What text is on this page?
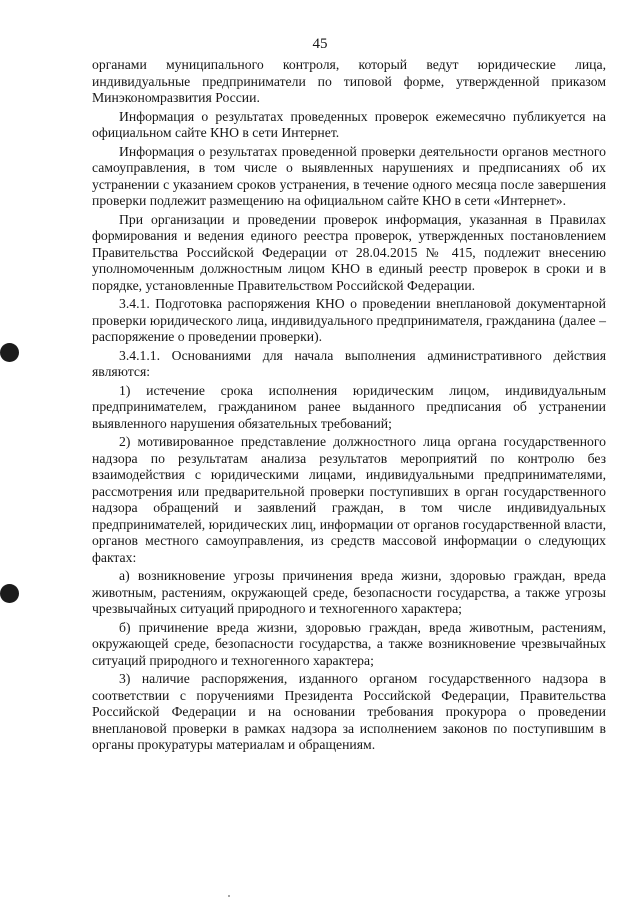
45

органами муниципального контроля, который ведут юридические лица, индивидуальные предприниматели по типовой форме, утвержденной приказом Минэкономразвития России.

Информация о результатах проведенных проверок ежемесячно публикуется на официальном сайте КНО в сети Интернет.

Информация о результатах проведенной проверки деятельности органов местного самоуправления, в том числе о выявленных нарушениях и предписаниях об их устранении с указанием сроков устранения, в течение одного месяца после завершения проверки подлежит размещению на официальном сайте КНО в сети «Интернет».

При организации и проведении проверок информация, указанная в Правилах формирования и ведения единого реестра проверок, утвержденных постановлением Правительства Российской Федерации от 28.04.2015 № 415, подлежит внесению уполномоченным должностным лицом КНО в единый реестр проверок в сроки и в порядке, установленные Правительством Российской Федерации.

3.4.1. Подготовка распоряжения КНО о проведении внеплановой документарной проверки юридического лица, индивидуального предпринимателя, гражданина (далее – распоряжение о проведении проверки).

3.4.1.1. Основаниями для начала выполнения административного действия являются:

1) истечение срока исполнения юридическим лицом, индивидуальным предпринимателем, гражданином ранее выданного предписания об устранении выявленного нарушения обязательных требований;

2) мотивированное представление должностного лица органа государственного надзора по результатам анализа результатов мероприятий по контролю без взаимодействия с юридическими лицами, индивидуальными предпринимателями, рассмотрения или предварительной проверки поступивших в орган государственного надзора обращений и заявлений граждан, в том числе индивидуальных предпринимателей, юридических лиц, информации от органов государственной власти, органов местного самоуправления, из средств массовой информации о следующих фактах:

а) возникновение угрозы причинения вреда жизни, здоровью граждан, вреда животным, растениям, окружающей среде, безопасности государства, а также угрозы чрезвычайных ситуаций природного и техногенного характера;

б) причинение вреда жизни, здоровью граждан, вреда животным, растениям, окружающей среде, безопасности государства, а также возникновение чрезвычайных ситуаций природного и техногенного характера;

3) наличие распоряжения, изданного органом государственного надзора в соответствии с поручениями Президента Российской Федерации, Правительства Российской Федерации и на основании требования прокурора о проведении внеплановой проверки в рамках надзора за исполнением законов по поступившим в органы прокуратуры материалам и обращениям.
